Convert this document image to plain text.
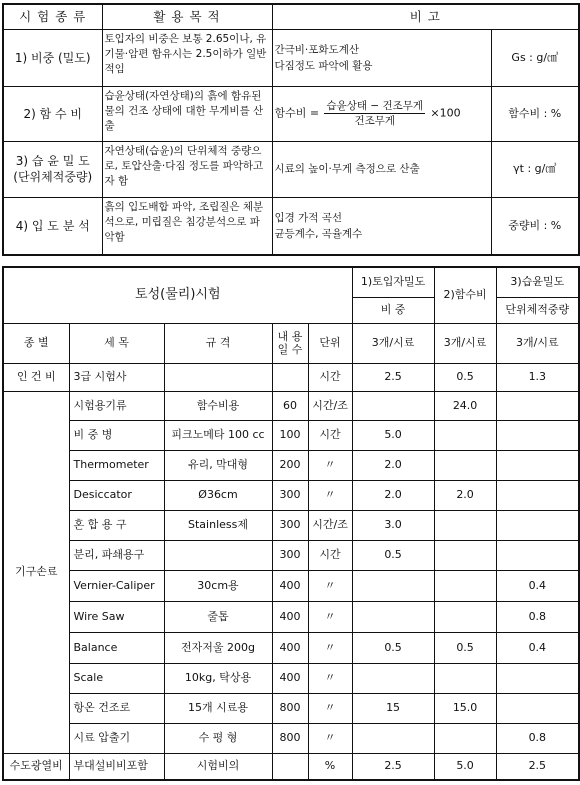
시 험 종 류	활 용 목 적	비 고	
1) 비중 (밀도)	토입자의 비중은 보통 2.65이나, 유기물·암편 함유시는 2.5이하가 일반적임	간극비·포화도계산
다짐정도 파악에 활용	Gs : g/㎤
2) 함 수 비	습윤상태(자연상태)의 흙에 함유된 물의 건조 상태에 대한 무게비를 산출	함수비 = $\frac{\text{습윤상태 − 건조무게}}{\text{건조무게}} \times 100$	함수비 : %

3) 습 윤 밀 도
(단위체적중량)	자연상태(습윤)의 단위체적 중량으로, 토압산출·다짐 정도를 파악하고자 함	시료의 높이·무게 측정으로 산출	γt : g/㎤
4) 입 도 분 석	흙의 입도배합 파악, 조립질은 체분석으로, 미립질은 침강분석으로 파악함	입경 가적 곡선
균등계수, 곡율계수	중량비 : %
토성(물리)시험					1)토입자밀도	2)함수비	3)습윤밀도
					비 중		단위체적중량
종 별	세 목	규 격	내 용
일 수	단위	3개/시료	3개/시료	3개/시료
인 건 비	3급 시험사			시간	2.5	0.5	1.3
기구손료	시험용기류	함수비용	60	시간/조		24.0	
	비 중 병	피크노메타 100 cc	100	시간	5.0		
	Thermometer	유리, 막대형	200	〃	2.0		
	Desiccator	Ø36cm	300	〃	2.0	2.0	
	혼 합 용 구	Stainless제	300	시간/조	3.0		
	분리, 파쇄용구		300	시간	0.5		
	Vernier-Caliper	30cm용	400	〃			0.4
	Wire Saw	줄톱	400	〃			0.8
	Balance	전자저울 200g	400	〃	0.5	0.5	0.4
	Scale	10kg, 탁상용	400	〃			
	항온 건조로	15개 시료용	800	〃	15	15.0	
	시료 압출기	수 평 형	800	〃			0.8
수도광열비	부대설비비포함	시험비의		%	2.5	5.0	2.5
